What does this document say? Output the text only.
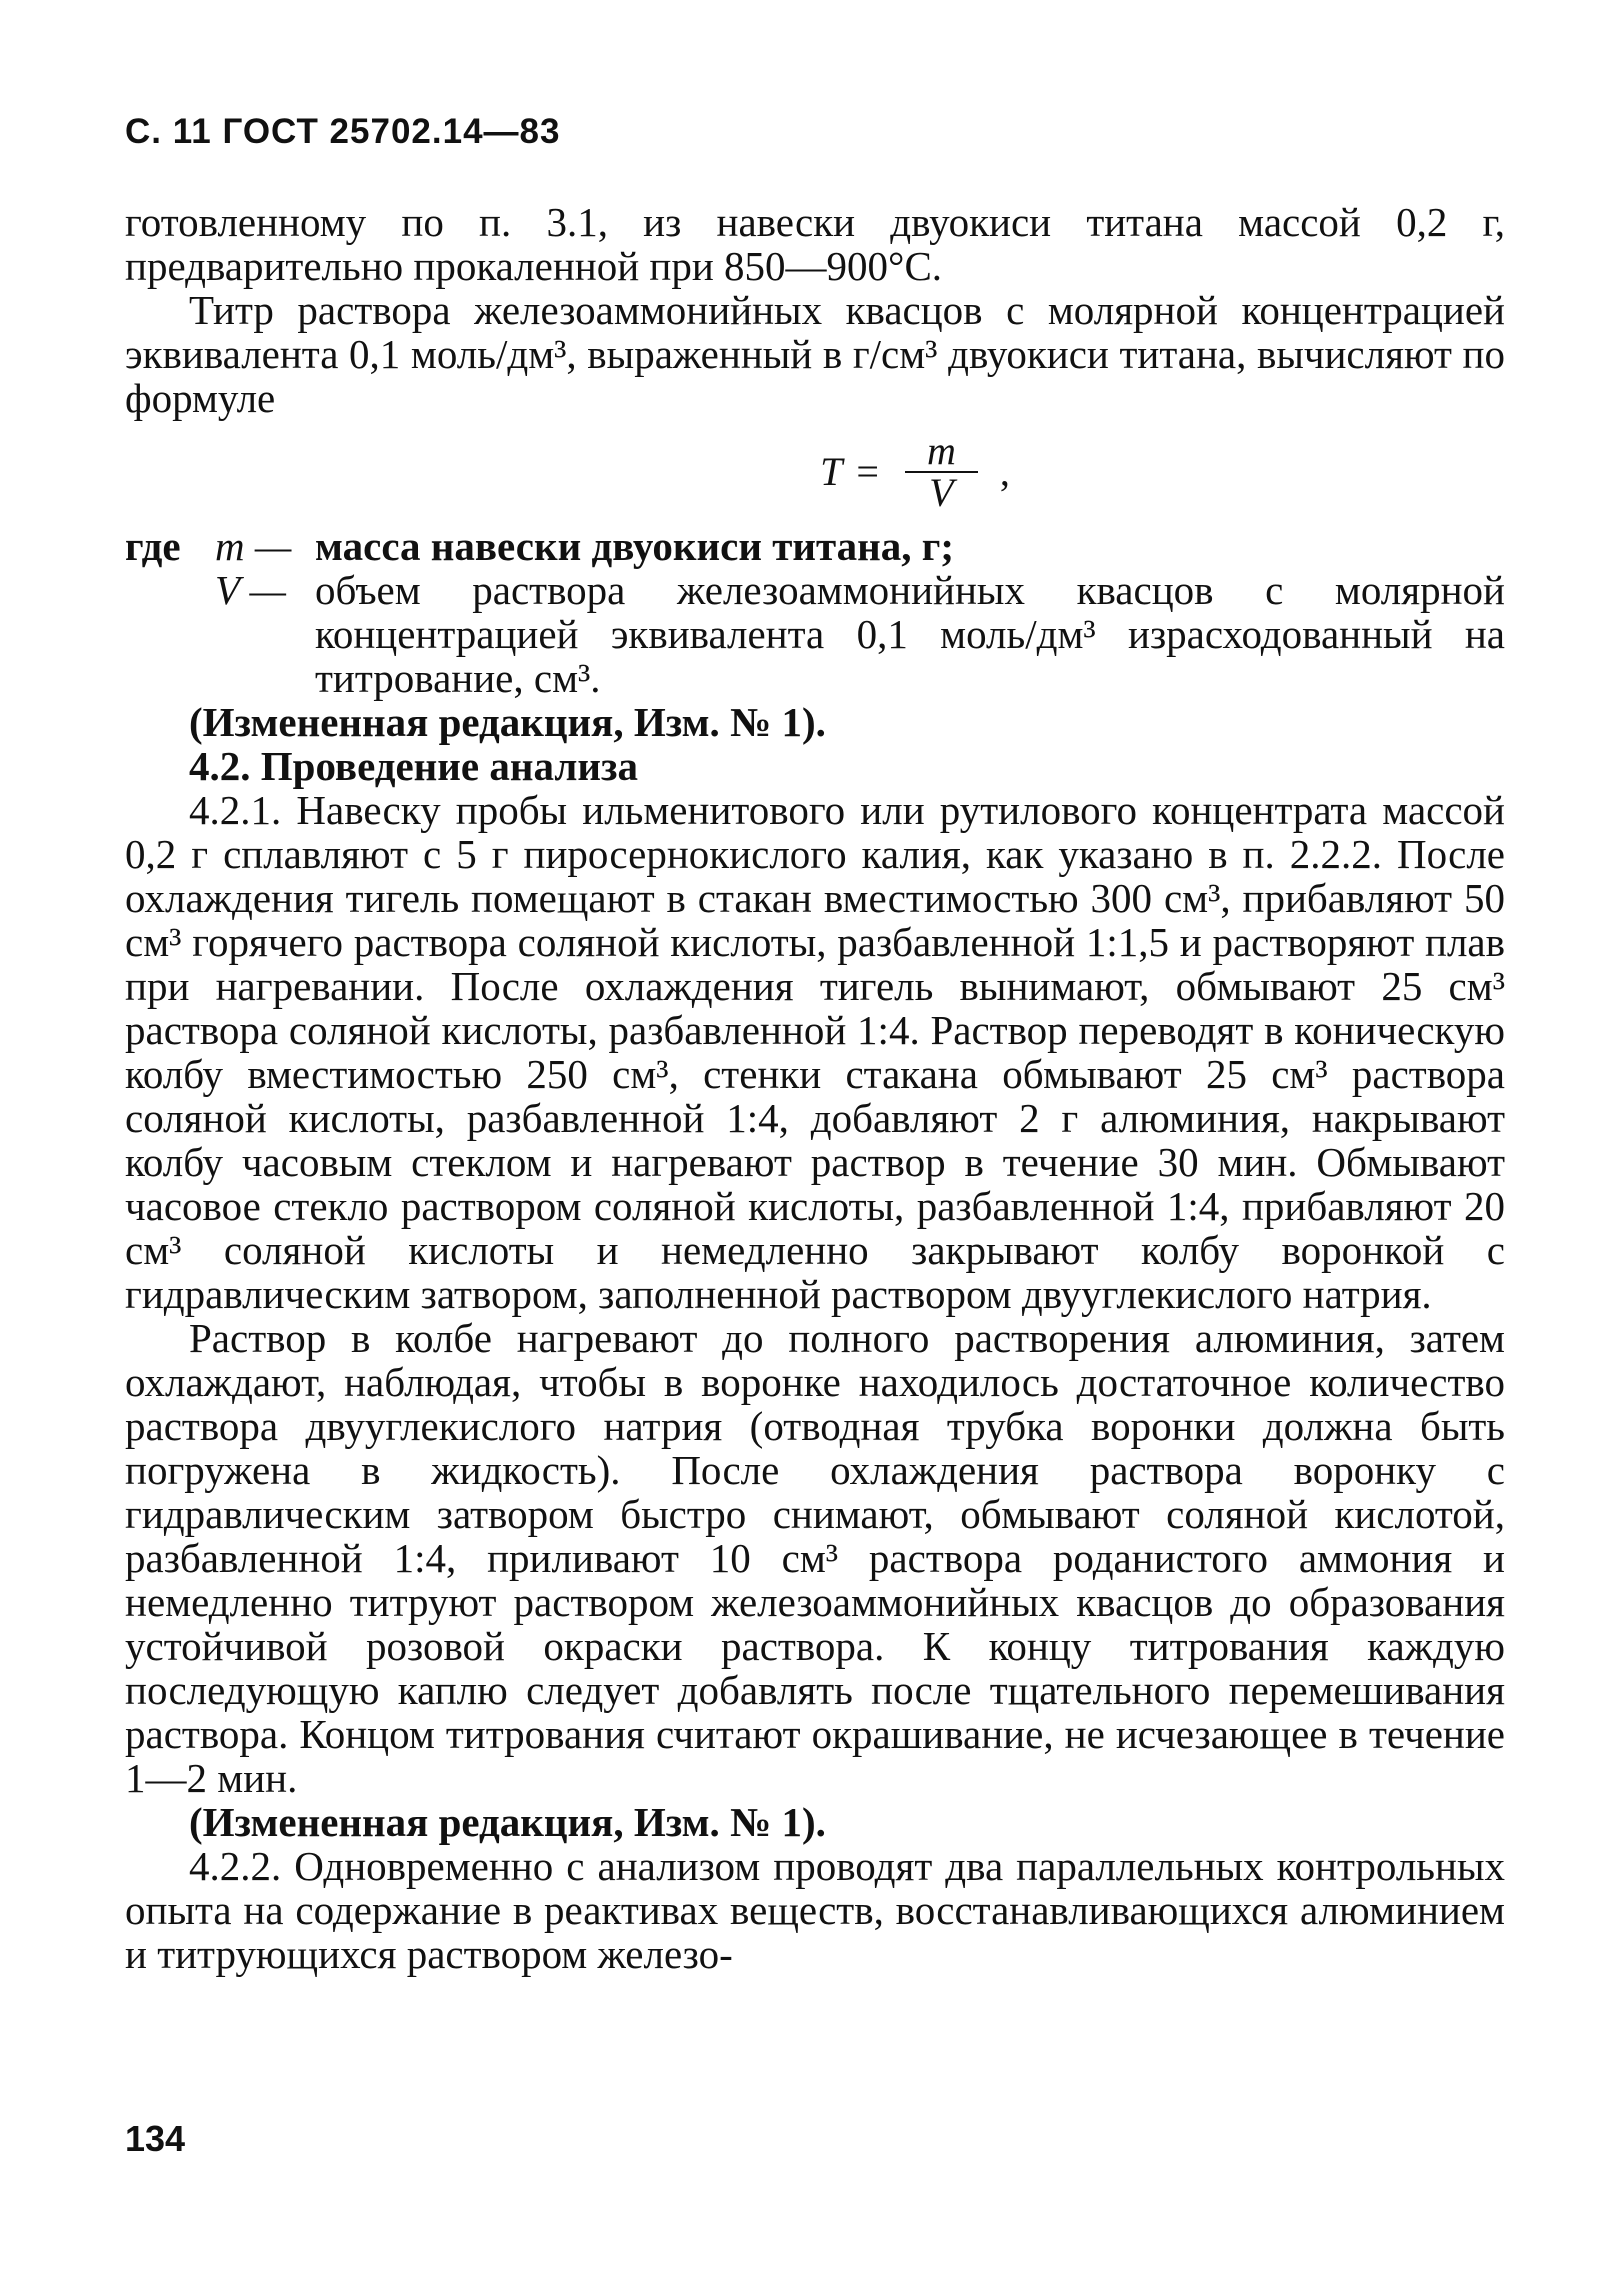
С. 11 ГОСТ 25702.14—83

готовленному по п. 3.1, из навески двуокиси титана массой 0,2 г, предварительно прокаленной при 850—900°С.

Титр раствора железоаммонийных квасцов с молярной концентрацией эквивалента 0,1 моль/дм³, выраженный в г/см³ двуокиси титана, вычисляют по формуле

$T = \frac{m}{V}$ ,
где m — масса навески двуокиси титана, г;
V — объем раствора железоаммонийных квасцов с молярной концентрацией эквивалента 0,1 моль/дм³ израсходованный на титрование, см³.

(Измененная редакция, Изм. № 1).

4.2. Проведение анализа

4.2.1. Навеску пробы ильменитового или рутилового концентрата массой 0,2 г сплавляют с 5 г пиросернокислого калия, как указано в п. 2.2.2. После охлаждения тигель помещают в стакан вместимостью 300 см³, прибавляют 50 см³ горячего раствора соляной кислоты, разбавленной 1:1,5 и растворяют плав при нагревании. После охлаждения тигель вынимают, обмывают 25 см³ раствора соляной кислоты, разбавленной 1:4. Раствор переводят в коническую колбу вместимостью 250 см³, стенки стакана обмывают 25 см³ раствора соляной кислоты, разбавленной 1:4, добавляют 2 г алюминия, накрывают колбу часовым стеклом и нагревают раствор в течение 30 мин. Обмывают часовое стекло раствором соляной кислоты, разбавленной 1:4, прибавляют 20 см³ соляной кислоты и немедленно закрывают колбу воронкой с гидравлическим затвором, заполненной раствором двууглекислого натрия.

Раствор в колбе нагревают до полного растворения алюминия, затем охлаждают, наблюдая, чтобы в воронке находилось достаточное количество раствора двууглекислого натрия (отводная трубка воронки должна быть погружена в жидкость). После охлаждения раствора воронку с гидравлическим затвором быстро снимают, обмывают соляной кислотой, разбавленной 1:4, приливают 10 см³ раствора роданистого аммония и немедленно титруют раствором железоаммонийных квасцов до образования устойчивой розовой окраски раствора. К концу титрования каждую последующую каплю следует добавлять после тщательного перемешивания раствора. Концом титрования считают окрашивание, не исчезающее в течение 1—2 мин.

(Измененная редакция, Изм. № 1).

4.2.2. Одновременно с анализом проводят два параллельных контрольных опыта на содержание в реактивах веществ, восстанавливающихся алюминием и титрующихся раствором железо-

134
